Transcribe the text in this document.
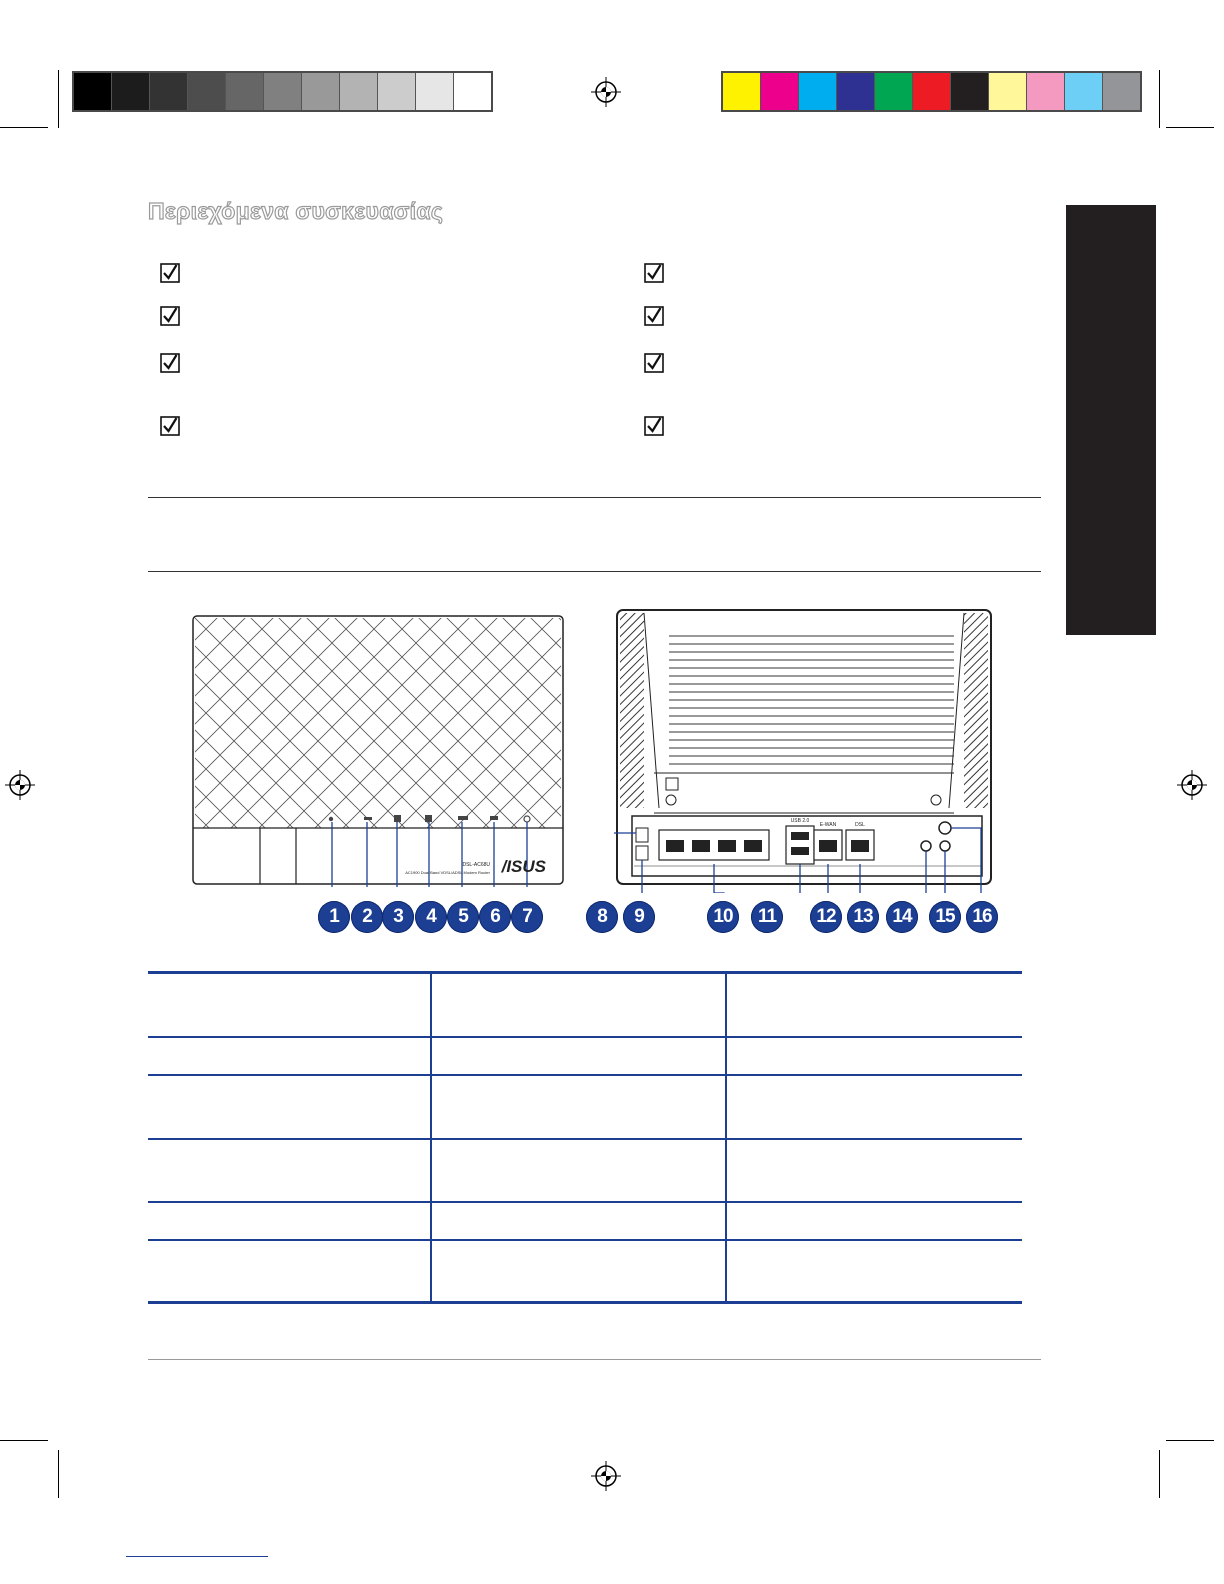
Περιεχόμενα συσκευασίας
/ISUS
DSL-AC68U
AC1900 Dual Band VDSL/ADSL Modem Router
USB 2.0
E-WAN	DSL
1	2	3	4	5	6	7	8	9	10	11	12 13	14	15 16
